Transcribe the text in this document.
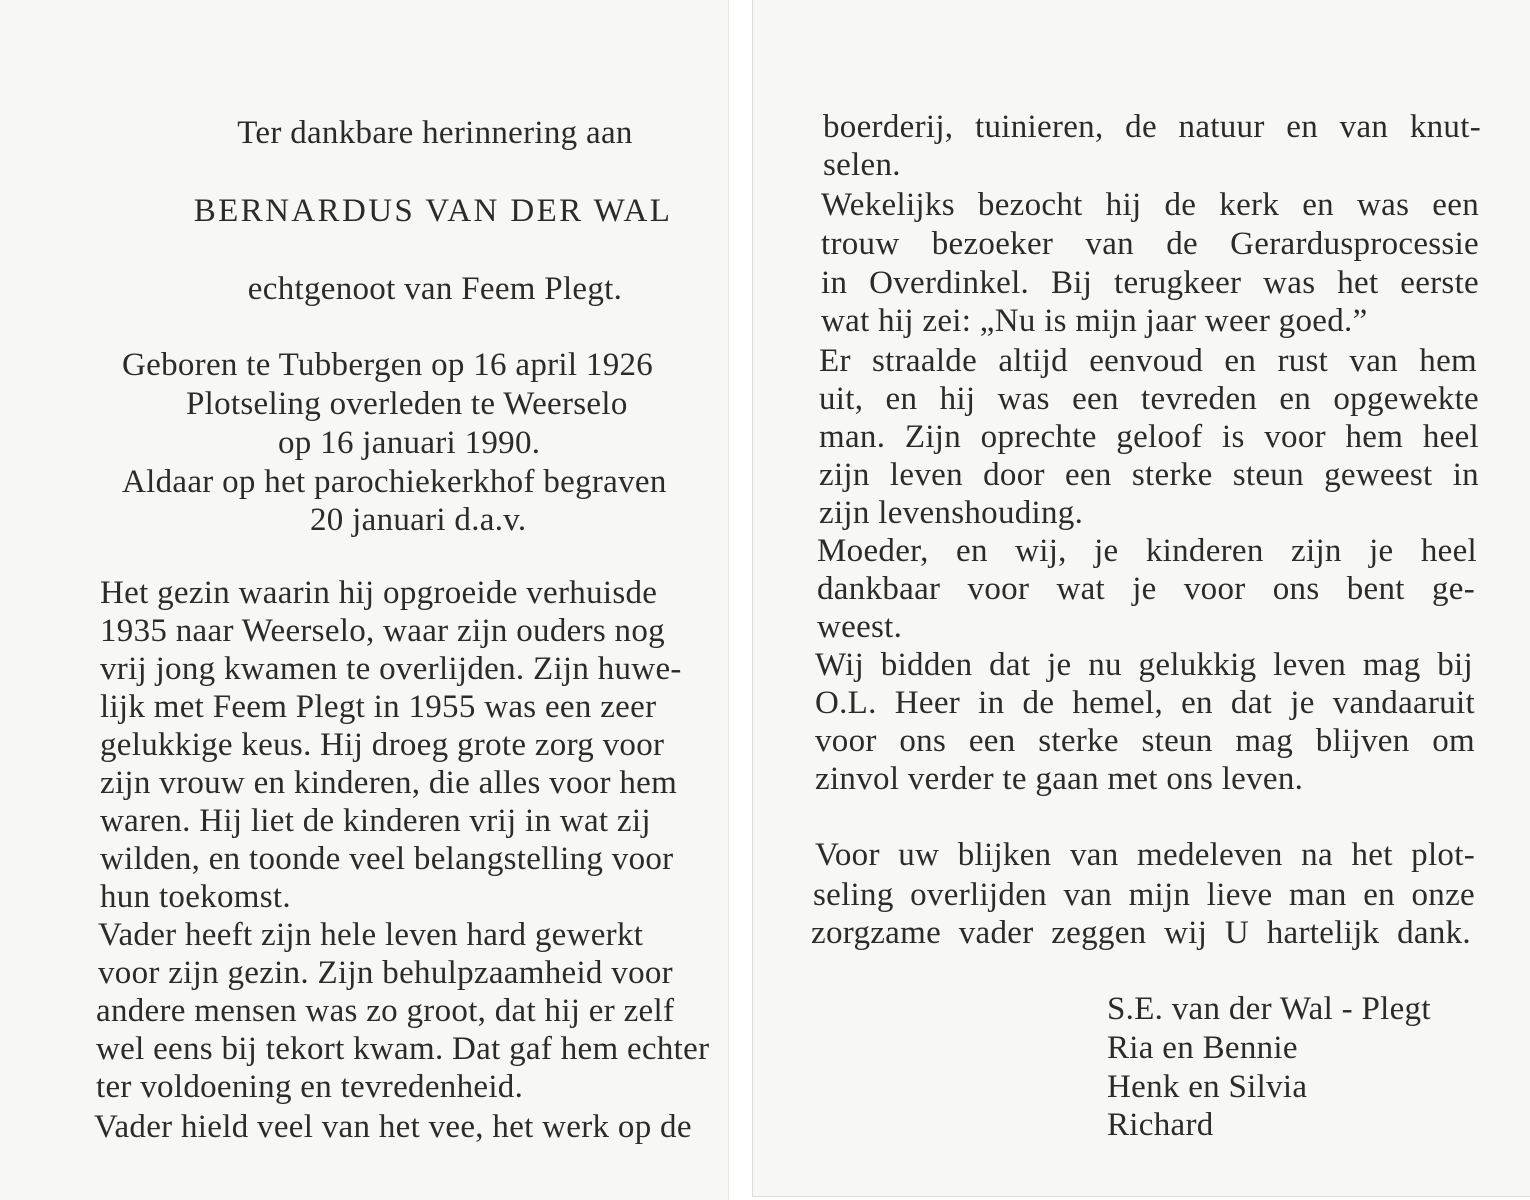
Ter dankbare herinnering aan
BERNARDUS VAN DER WAL
echtgenoot van Feem Plegt.
Geboren te Tubbergen op 16 april 1926
Plotseling overleden te Weerselo
op 16 januari 1990.
Aldaar op het parochiekerkhof begraven
20 januari d.a.v.
Het gezin waarin hij opgroeide verhuisde
1935 naar Weerselo, waar zijn ouders nog
vrij jong kwamen te overlijden. Zijn huwe-
lijk met Feem Plegt in 1955 was een zeer
gelukkige keus. Hij droeg grote zorg voor
zijn vrouw en kinderen, die alles voor hem
waren. Hij liet de kinderen vrij in wat zij
wilden, en toonde veel belangstelling voor
hun toekomst.
Vader heeft zijn hele leven hard gewerkt
voor zijn gezin. Zijn behulpzaamheid voor
andere mensen was zo groot, dat hij er zelf
wel eens bij tekort kwam. Dat gaf hem echter
ter voldoening en tevredenheid.
Vader hield veel van het vee, het werk op de
boerderij, tuinieren, de natuur en van knut-
selen.
Wekelijks bezocht hij de kerk en was een
trouw bezoeker van de Gerardusprocessie
in Overdinkel. Bij terugkeer was het eerste
wat hij zei: „Nu is mijn jaar weer goed.”
Er straalde altijd eenvoud en rust van hem
uit, en hij was een tevreden en opgewekte
man. Zijn oprechte geloof is voor hem heel
zijn leven door een sterke steun geweest in
zijn levenshouding.
Moeder, en wij, je kinderen zijn je heel
dankbaar voor wat je voor ons bent ge-
weest.
Wij bidden dat je nu gelukkig leven mag bij
O.L. Heer in de hemel, en dat je vandaaruit
voor ons een sterke steun mag blijven om
zinvol verder te gaan met ons leven.
Voor uw blijken van medeleven na het plot-
seling overlijden van mijn lieve man en onze
zorgzame vader zeggen wij U hartelijk dank.
S.E. van der Wal - Plegt
Ria en Bennie
Henk en Silvia
Richard
